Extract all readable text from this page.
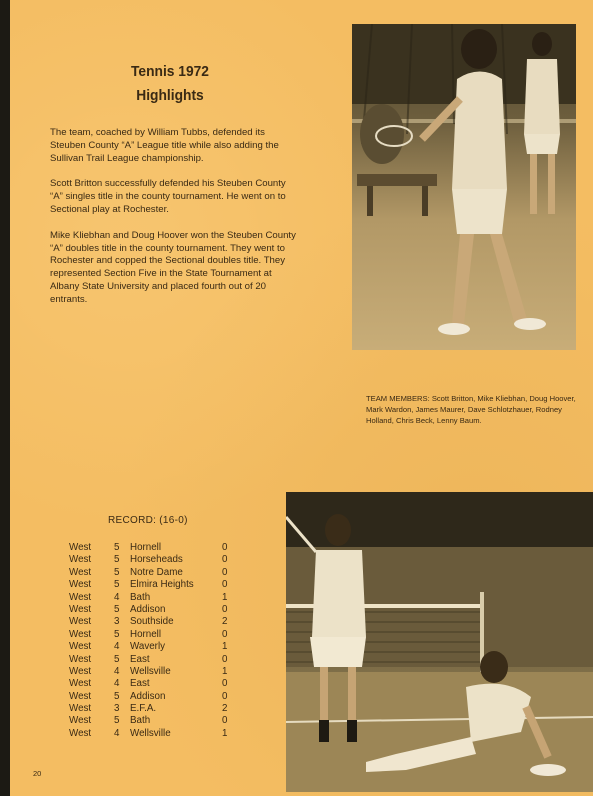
Tennis 1972
Highlights

The team, coached by William Tubbs, defended its Steuben County “A” League title while also adding the Sullivan Trail League championship.

Scott Britton successfully defended his Steuben County “A” singles title in the county tournament. He went on to Sectional play at Rochester.

Mike Kliebhan and Doug Hoover won the Steuben County “A” doubles title in the county tournament. They went to Rochester and copped the Sectional doubles title. They represented Section Five in the State Tournament at Albany State University and placed fourth out of 20 entrants.

TEAM MEMBERS: Scott Britton, Mike Kliebhan, Doug Hoover, Mark Wardon, James Maurer, Dave Schlotzhauer, Rodney Holland, Chris Beck, Lenny Baum.
RECORD: (16-0)
West	5	Hornell	0
West	5	Horseheads	0
West	5	Notre Dame	0
West	5	Elmira Heights	0
West	4	Bath	1
West	5	Addison	0
West	3	Southside	2
West	5	Hornell	0
West	4	Waverly	1
West	5	East	0
West	4	Wellsville	1
West	4	East	0
West	5	Addison	0
West	3	E.F.A.	2
West	5	Bath	0
West	4	Wellsville	1
20
